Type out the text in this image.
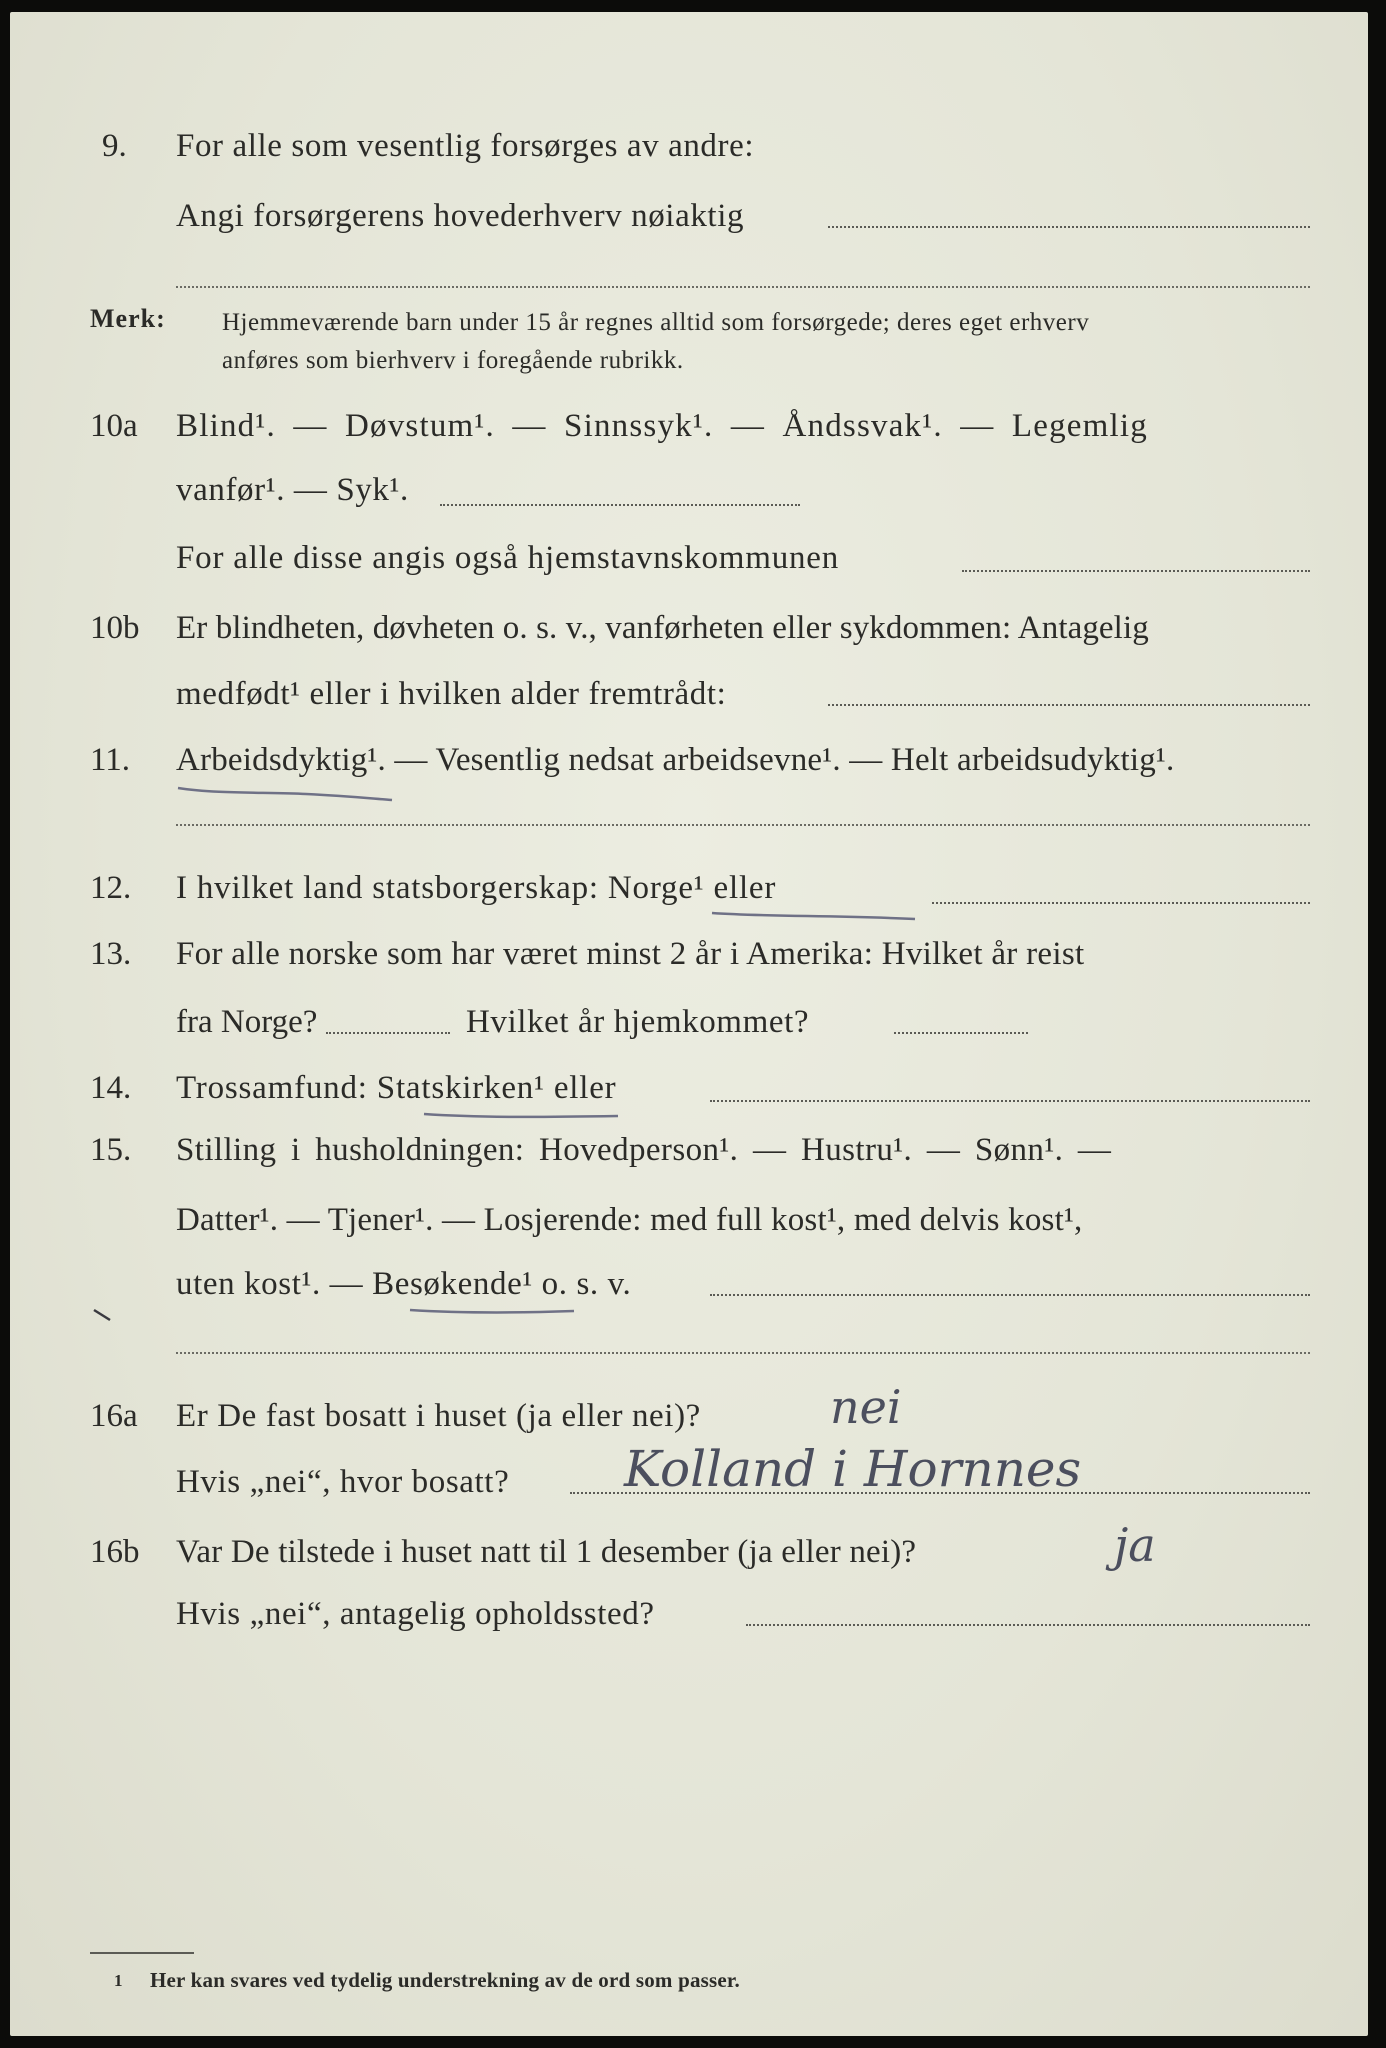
9. For alle som vesentlig forsørges av andre:
Angi forsørgerens hovederhverv nøiaktig
Merk: Hjemmeværende barn under 15 år regnes alltid som forsørgede; deres eget erhverv
anføres som bierhverv i foregående rubrikk.
10a Blind¹. — Døvstum¹. — Sinnssyk¹. — Åndssvak¹. — Legemlig
vanfør¹. — Syk¹.
For alle disse angis også hjemstavnskommunen
10b Er blindheten, døvheten o. s. v., vanførheten eller sykdommen: Antagelig
medfødt¹ eller i hvilken alder fremtrådt:
11. Arbeidsdyktig¹. — Vesentlig nedsat arbeidsevne¹. — Helt arbeidsudyktig¹.
12. I hvilket land statsborgerskap: Norge¹ eller
13. For alle norske som har været minst 2 år i Amerika: Hvilket år reist
fra Norge?	Hvilket år hjemkommet?
14. Trossamfund: Statskirken¹ eller
15. Stilling i husholdningen: Hovedperson¹. — Hustru¹. — Sønn¹. —
Datter¹. — Tjener¹. — Losjerende: med full kost¹, med delvis kost¹,
uten kost¹. — Besøkende¹ o. s. v.
16a Er De fast bosatt i huset (ja eller nei)?	nei
Hvis „nei“, hvor bosatt? Kolland i Hornnes
16b Var De tilstede i huset natt til 1 desember (ja eller nei)?	ja
Hvis „nei“, antagelig opholdssted?
1 Her kan svares ved tydelig understrekning av de ord som passer.
